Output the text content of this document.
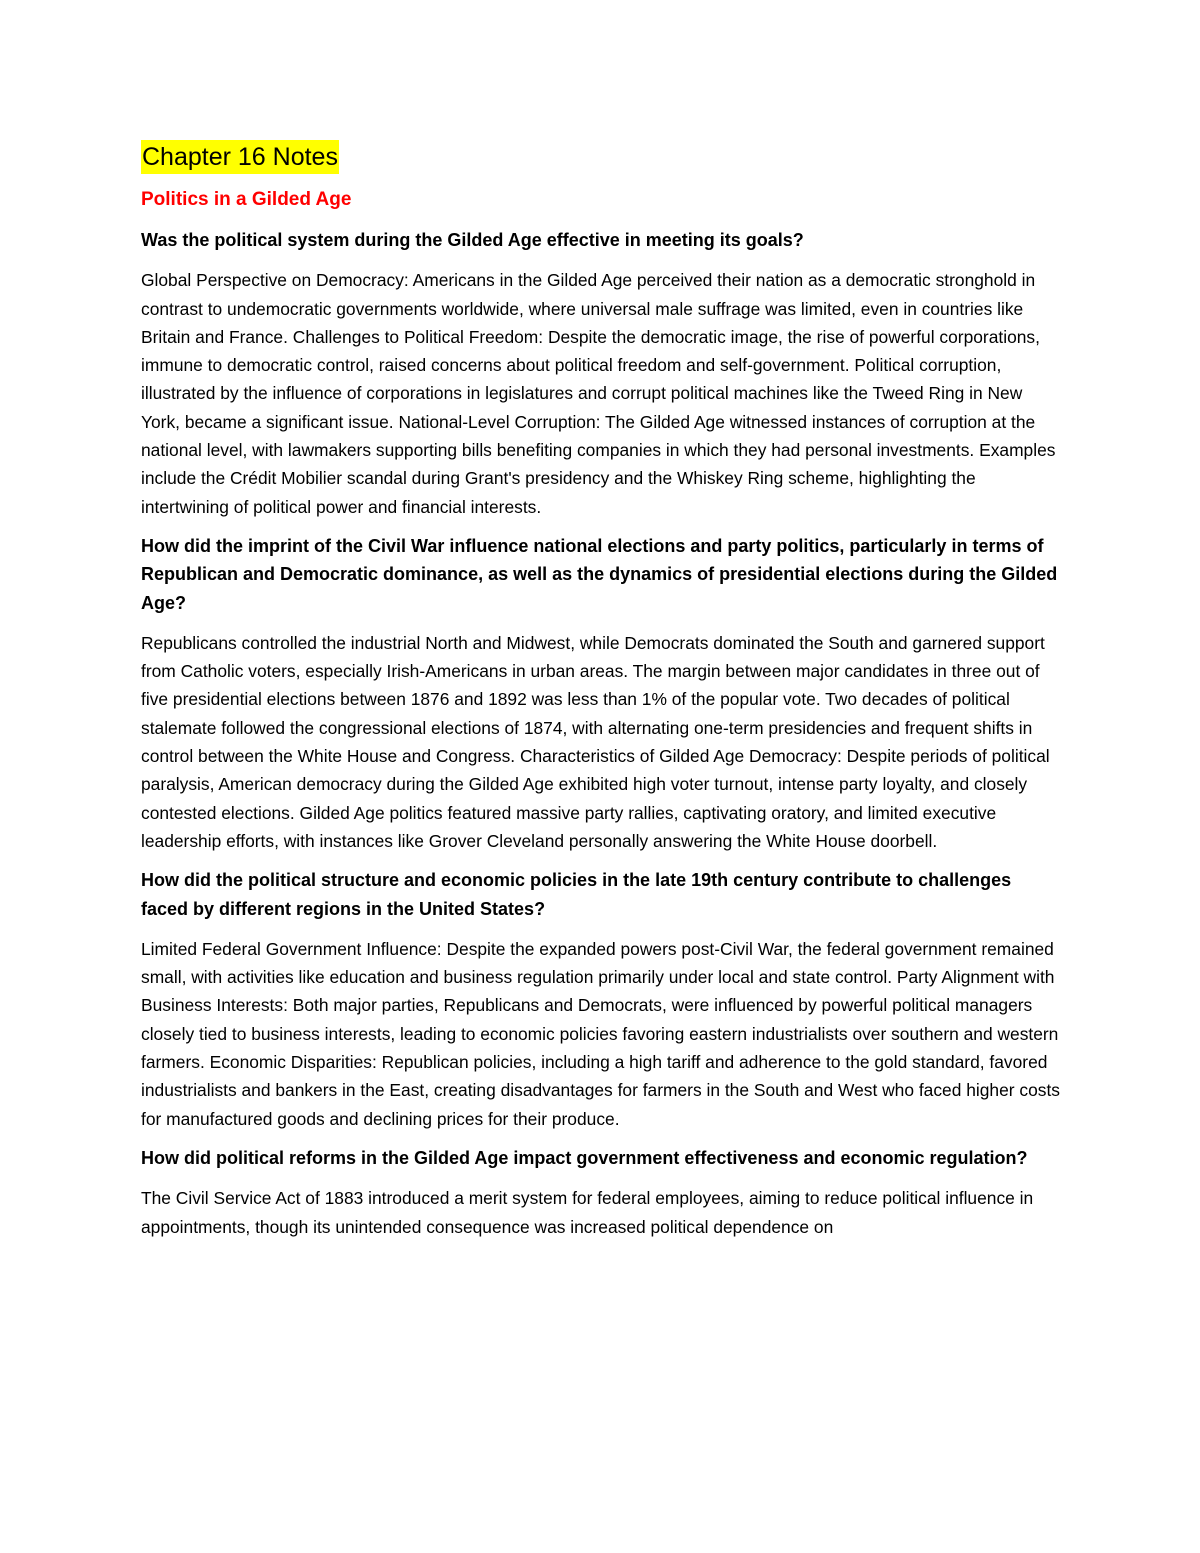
Chapter 16 Notes
Politics in a Gilded Age
Was the political system during the Gilded Age effective in meeting its goals?
Global Perspective on Democracy: Americans in the Gilded Age perceived their nation as a democratic stronghold in contrast to undemocratic governments worldwide, where universal male suffrage was limited, even in countries like Britain and France. Challenges to Political Freedom: Despite the democratic image, the rise of powerful corporations, immune to democratic control, raised concerns about political freedom and self-government. Political corruption, illustrated by the influence of corporations in legislatures and corrupt political machines like the Tweed Ring in New York, became a significant issue. National-Level Corruption: The Gilded Age witnessed instances of corruption at the national level, with lawmakers supporting bills benefiting companies in which they had personal investments. Examples include the Crédit Mobilier scandal during Grant's presidency and the Whiskey Ring scheme, highlighting the intertwining of political power and financial interests.
How did the imprint of the Civil War influence national elections and party politics, particularly in terms of Republican and Democratic dominance, as well as the dynamics of presidential elections during the Gilded Age?
Republicans controlled the industrial North and Midwest, while Democrats dominated the South and garnered support from Catholic voters, especially Irish-Americans in urban areas. The margin between major candidates in three out of five presidential elections between 1876 and 1892 was less than 1% of the popular vote. Two decades of political stalemate followed the congressional elections of 1874, with alternating one-term presidencies and frequent shifts in control between the White House and Congress. Characteristics of Gilded Age Democracy: Despite periods of political paralysis, American democracy during the Gilded Age exhibited high voter turnout, intense party loyalty, and closely contested elections. Gilded Age politics featured massive party rallies, captivating oratory, and limited executive leadership efforts, with instances like Grover Cleveland personally answering the White House doorbell.
How did the political structure and economic policies in the late 19th century contribute to challenges faced by different regions in the United States?
Limited Federal Government Influence: Despite the expanded powers post-Civil War, the federal government remained small, with activities like education and business regulation primarily under local and state control. Party Alignment with Business Interests: Both major parties, Republicans and Democrats, were influenced by powerful political managers closely tied to business interests, leading to economic policies favoring eastern industrialists over southern and western farmers. Economic Disparities: Republican policies, including a high tariff and adherence to the gold standard, favored industrialists and bankers in the East, creating disadvantages for farmers in the South and West who faced higher costs for manufactured goods and declining prices for their produce.
How did political reforms in the Gilded Age impact government effectiveness and economic regulation?
The Civil Service Act of 1883 introduced a merit system for federal employees, aiming to reduce political influence in appointments, though its unintended consequence was increased political dependence on
